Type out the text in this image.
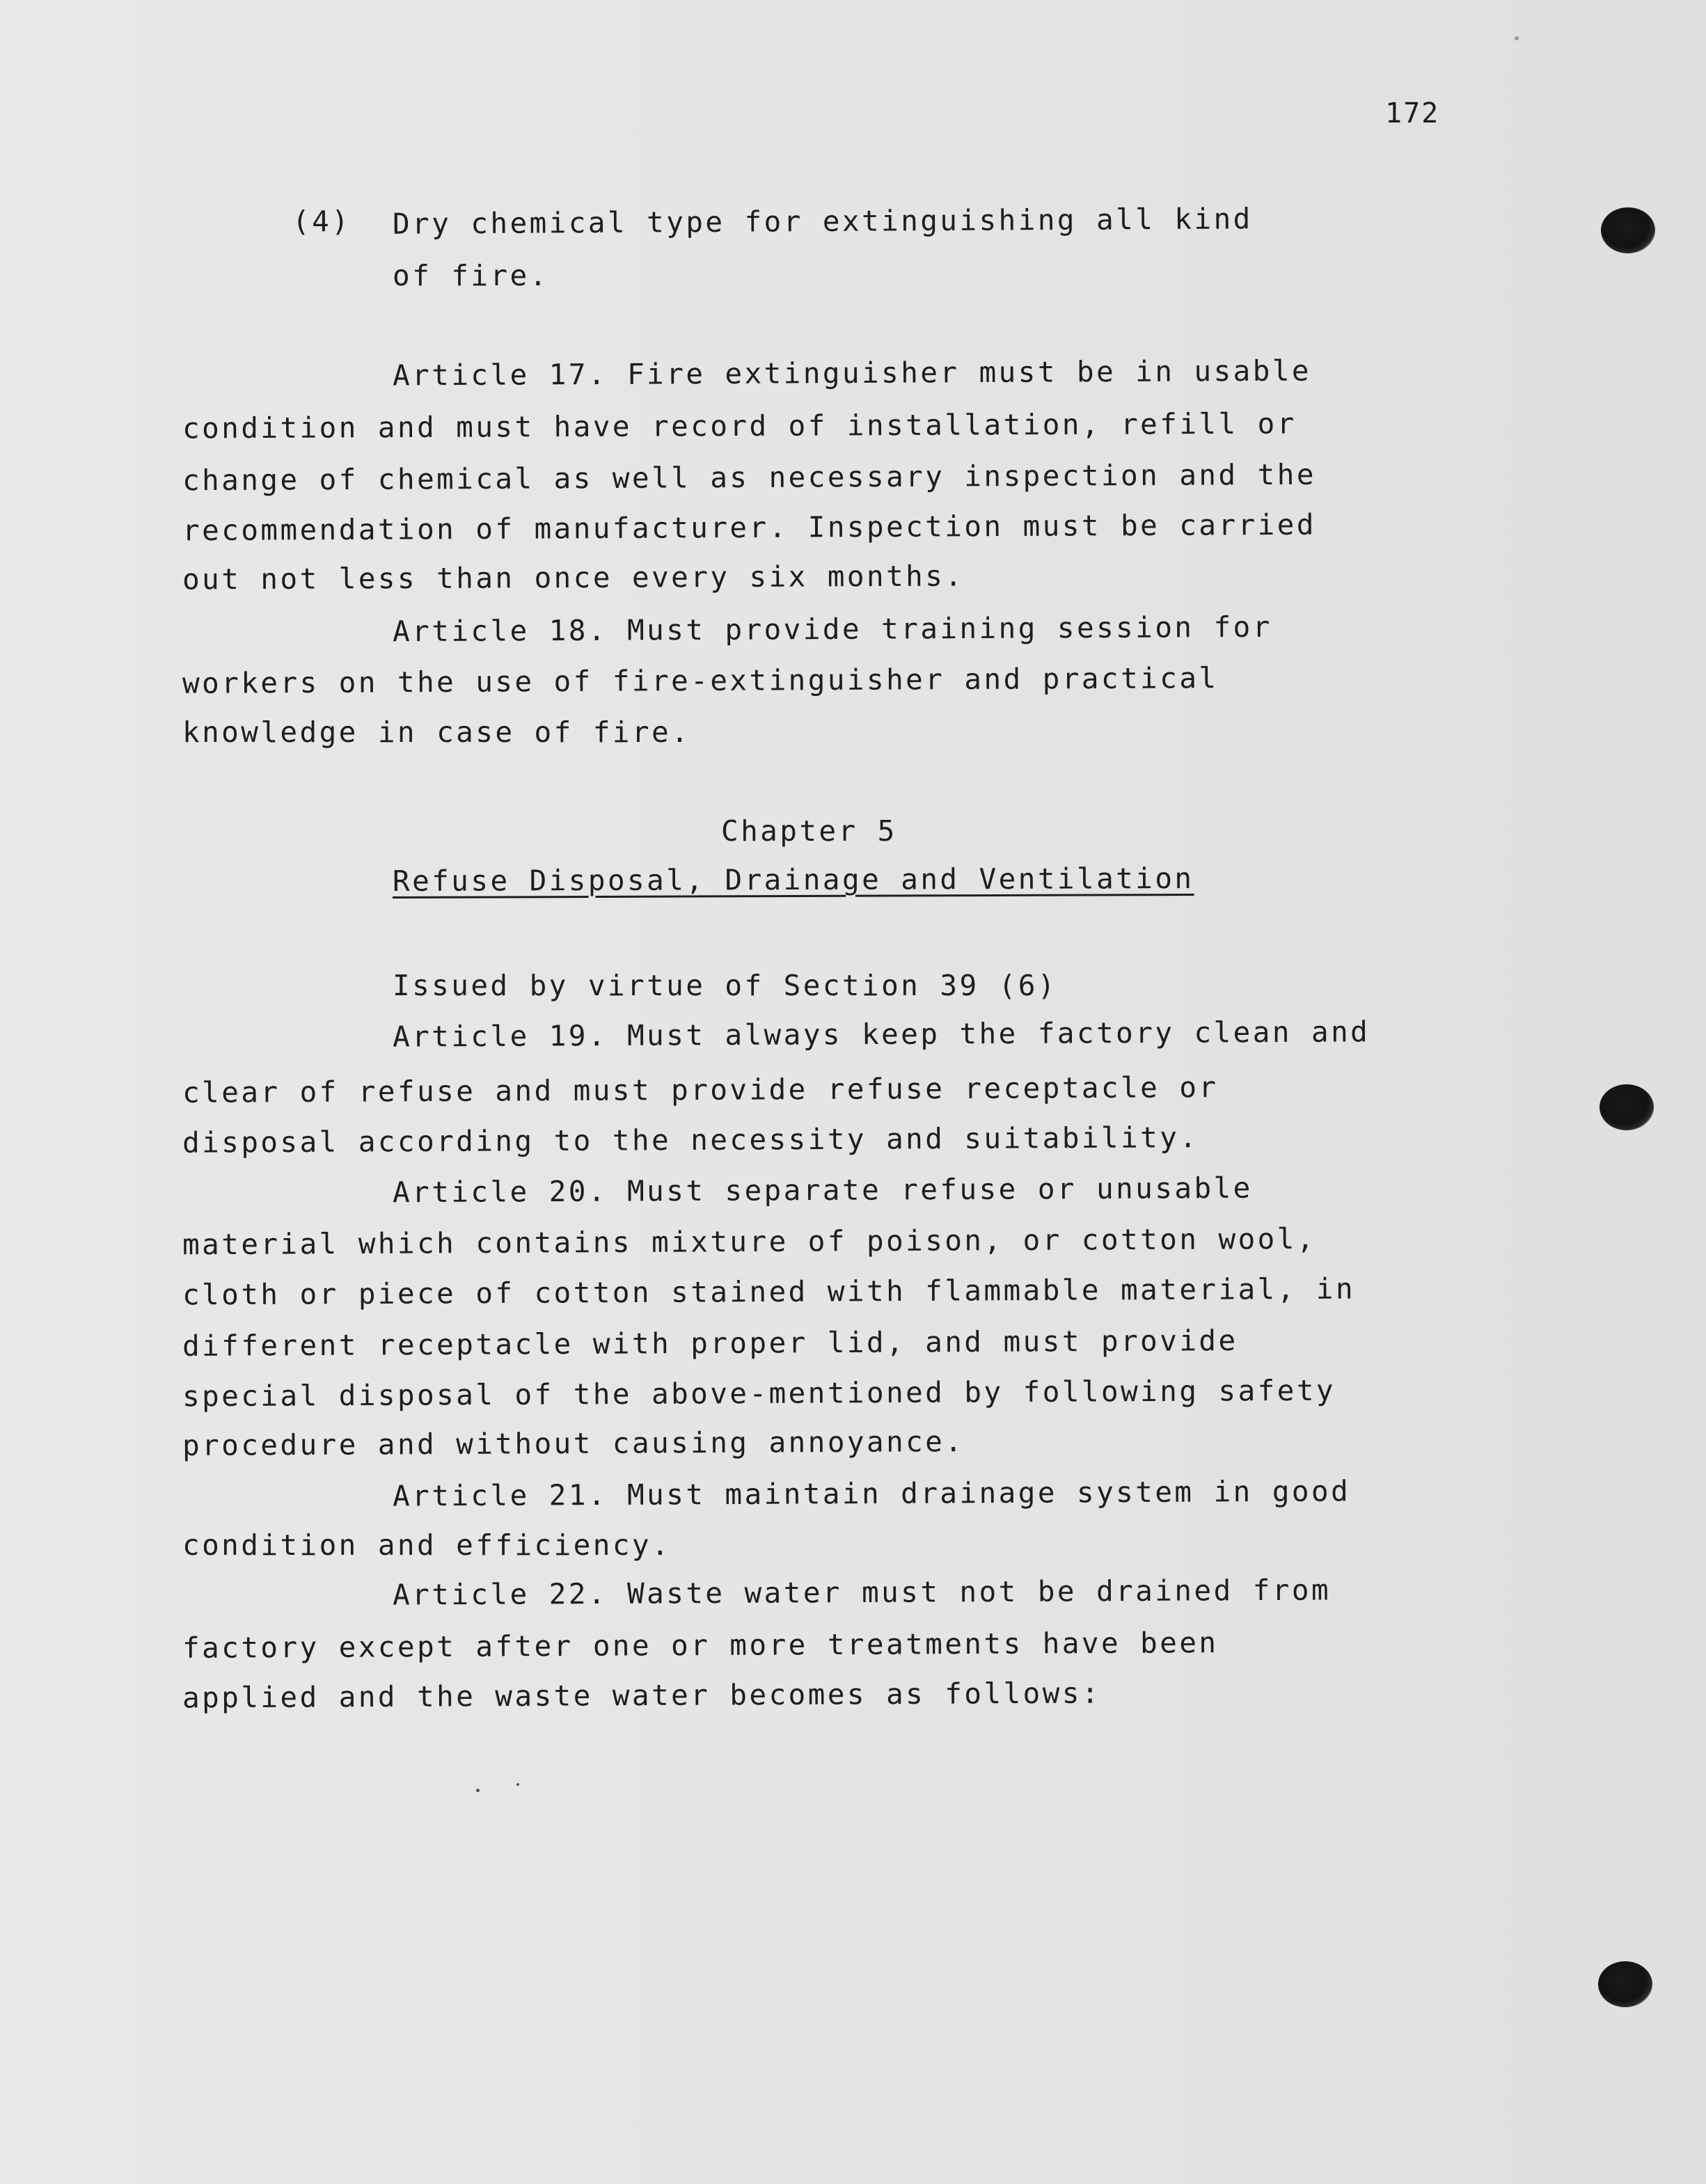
172
(4) Dry chemical type for extinguishing all kind
of fire.
Article 17. Fire extinguisher must be in usable
condition and must have record of installation, refill or
change of chemical as well as necessary inspection and the
recommendation of manufacturer. Inspection must be carried
out not less than once every six months.
Article 18. Must provide training session for
workers on the use of fire-extinguisher and practical
knowledge in case of fire.
Chapter 5
Refuse Disposal, Drainage and Ventilation
Issued by virtue of Section 39 (6)
Article 19. Must always keep the factory clean and
clear of refuse and must provide refuse receptacle or
disposal according to the necessity and suitability.
Article 20. Must separate refuse or unusable
material which contains mixture of poison, or cotton wool,
cloth or piece of cotton stained with flammable material, in
different receptacle with proper lid, and must provide
special disposal of the above-mentioned by following safety
procedure and without causing annoyance.
Article 21. Must maintain drainage system in good
condition and efficiency.
Article 22. Waste water must not be drained from
factory except after one or more treatments have been
applied and the waste water becomes as follows:
